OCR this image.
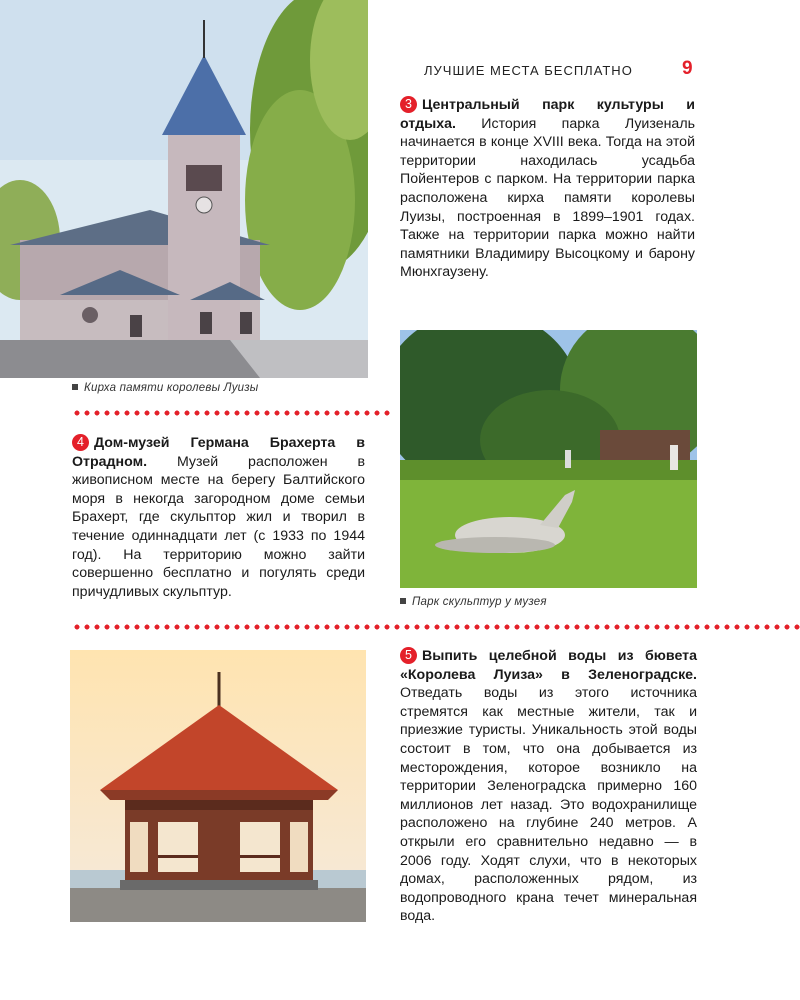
ЛУЧШИЕ МЕСТА БЕСПЛАТНО	9
Кирха памяти королевы Луизы
3 Центральный парк культуры и отдыха. История парка Луизеналь начинается в конце XVIII века. Тогда на этой территории находилась усадьба Пойентеров с парком. На территории парка расположена кирха памяти королевы Луизы, построенная в 1899–1901 годах. Также на территории парка можно найти памятники Владимиру Высоцкому и барону Мюнхгаузену.
Парк скульптур у музея
4 Дом-музей Германа Брахерта в Отрадном. Музей расположен в живописном месте на берегу Балтийского моря в некогда загородном доме семьи Брахерт, где скульптор жил и творил в течение одиннадцати лет (с 1933 по 1944 год). На территорию можно зайти совершенно бесплатно и погулять среди причудливых скульптур.
5 Выпить целебной воды из бювета «Королева Луиза» в Зеленоградске. Отведать воды из этого источника стремятся как местные жители, так и приезжие туристы. Уникальность этой воды состоит в том, что она добывается из месторождения, которое возникло на территории Зеленоградска примерно 160 миллионов лет назад. Это водохранилище расположено на глубине 240 метров. А открыли его сравнительно недавно — в 2006 году. Ходят слухи, что в некоторых домах, расположенных рядом, из водопроводного крана течет минеральная вода.
